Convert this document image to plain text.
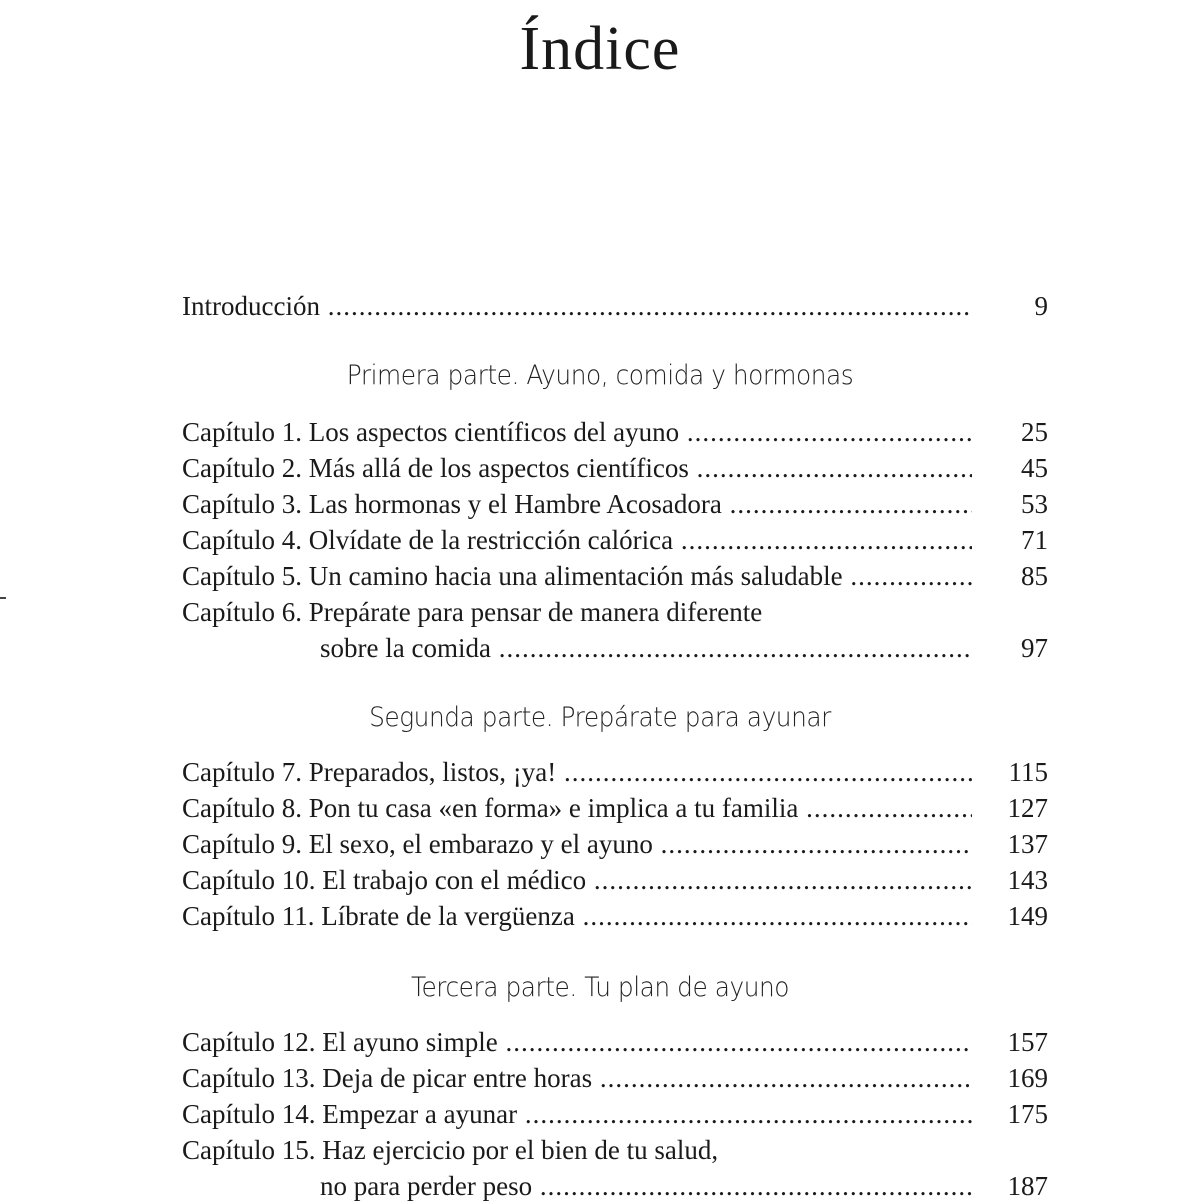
Índice
Introducción .....	9
Primera parte. Ayuno, comida y hormonas
Capítulo 1. Los aspectos científicos del ayuno .....	25
Capítulo 2. Más allá de los aspectos científicos .....	45
Capítulo 3. Las hormonas y el Hambre Acosadora .....	53
Capítulo 4. Olvídate de la restricción calórica .....	71
Capítulo 5. Un camino hacia una alimentación más saludable .....	85
Capítulo 6. Prepárate para pensar de manera diferente
sobre la comida .....	97
Segunda parte. Prepárate para ayunar
Capítulo 7. Preparados, listos, ¡ya! .....	115
Capítulo 8. Pon tu casa «en forma» e implica a tu familia .....	127
Capítulo 9. El sexo, el embarazo y el ayuno .....	137
Capítulo 10. El trabajo con el médico .....	143
Capítulo 11. Líbrate de la vergüenza .....	149
Tercera parte. Tu plan de ayuno
Capítulo 12. El ayuno simple .....	157
Capítulo 13. Deja de picar entre horas .....	169
Capítulo 14. Empezar a ayunar .....	175
Capítulo 15. Haz ejercicio por el bien de tu salud,
no para perder peso .....	187
